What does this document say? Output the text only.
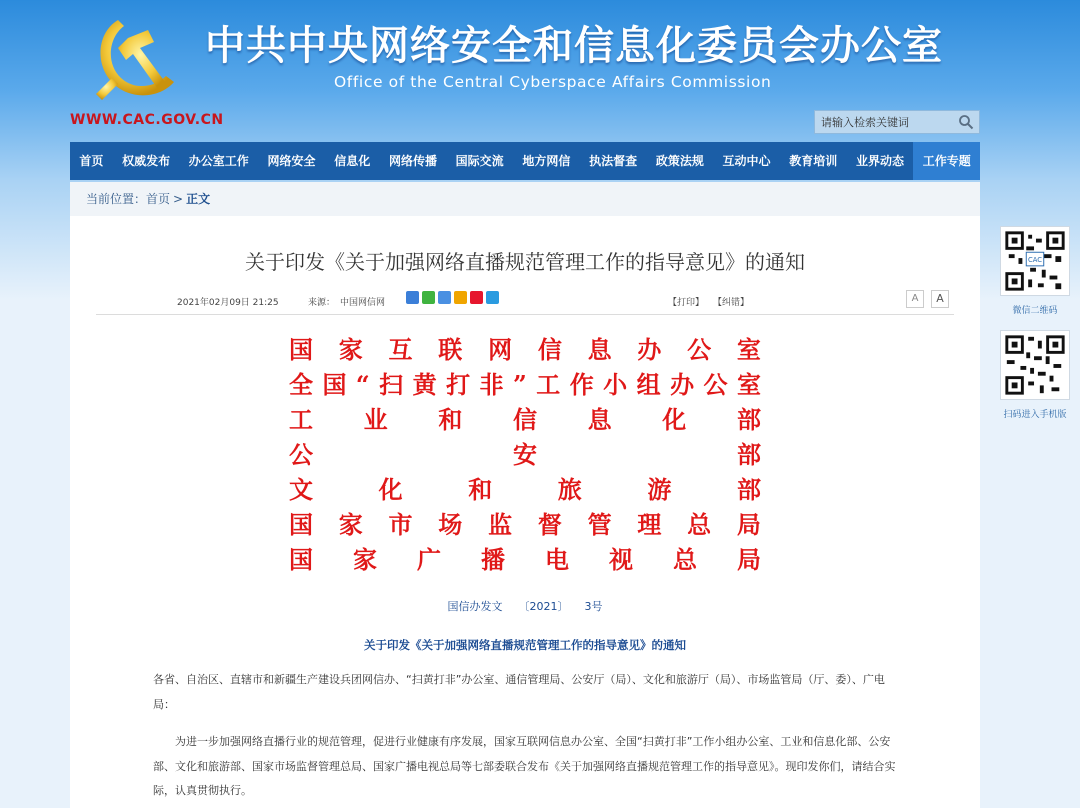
中共中央网络安全和信息化委员会办公室
Office of the Central Cyberspace Affairs Commission
WWW.CAC.GOV.CN
请输入检索关键词
首页	权威发布	办公室工作	网络安全	信息化	网络传播	国际交流	地方网信	执法督查	政策法规	互动中心	教育培训	业界动态	工作专题
当前位置：首页 > 正文
关于印发《关于加强网络直播规范管理工作的指导意见》的通知
2021年02月09日 21:25	来源： 中国网信网	【打印】 【纠错】	A	A
国 家 互 联 网 信 息 办 公 室
全 国 “ 扫 黄 打 非 ” 工 作 小 组 办 公 室
工 业 和 信 息 化 部
公	安	部
文	化	和	旅	游	部
国 家 市 场 监 督 管 理 总 局
国 家 广 播 电 视 总 局
国信办发文 〔2021〕 3号
关于印发《关于加强网络直播规范管理工作的指导意见》的通知
各省、自治区、直辖市和新疆生产建设兵团网信办、“扫黄打非”办公室、通信管理局、公安厅（局）、文化和旅游厅（局）、市场监管局（厅、委）、广电局：
为进一步加强网络直播行业的规范管理，促进行业健康有序发展，国家互联网信息办公室、全国“扫黄打非”工作小组办公室、工业和信息化部、公安部、文化和旅游部、国家市场监督管理总局、国家广播电视总局等七部委联合发布《关于加强网络直播规范管理工作的指导意见》。现印发你们，请结合实际，认真贯彻执行。
CAC
微信二维码
扫码进入手机版
